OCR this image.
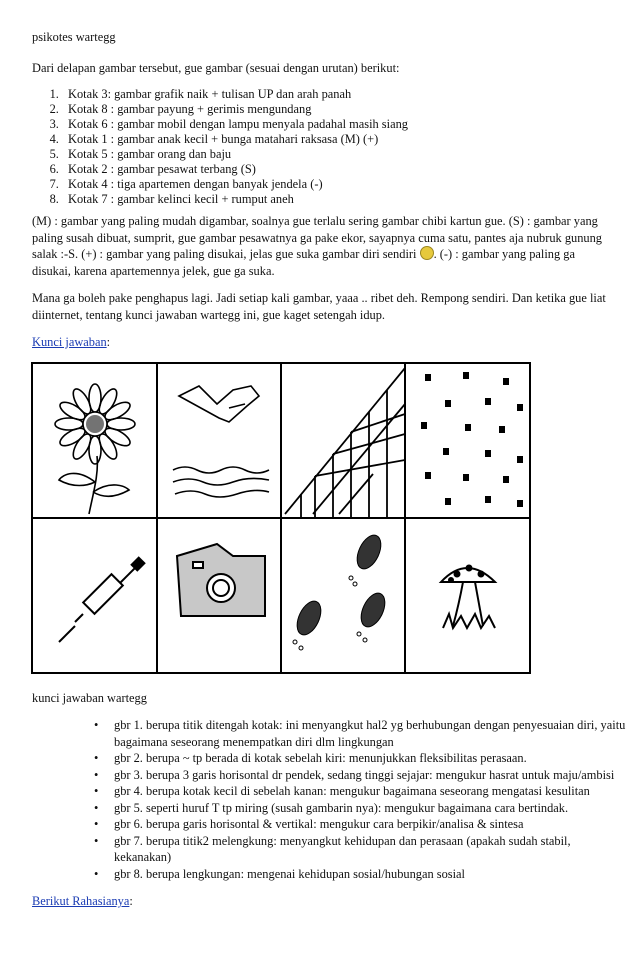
psikotes wartegg
Dari delapan gambar tersebut, gue gambar (sesuai dengan urutan) berikut:
1. Kotak 3: gambar grafik naik + tulisan UP dan arah panah
2. Kotak 8 : gambar payung + gerimis mengundang
3. Kotak 6 : gambar mobil dengan lampu menyala padahal masih siang
4. Kotak 1 : gambar anak kecil + bunga matahari raksasa (M) (+)
5. Kotak 5 : gambar orang dan baju
6. Kotak 2 : gambar pesawat terbang (S)
7. Kotak 4 : tiga apartemen dengan banyak jendela (-)
8. Kotak 7 : gambar kelinci kecil + rumput aneh
(M) : gambar yang paling mudah digambar, soalnya gue terlalu sering gambar chibi kartun gue. (S) : gambar yang paling susah dibuat, sumprit, gue gambar pesawatnya ga pake ekor, sayapnya cuma satu, pantes aja nubruk gunung salak :-S. (+) : gambar yang paling disukai, jelas gue suka gambar diri sendiri . (-) : gambar yang paling ga disukai, karena apartemennya jelek, gue ga suka.
Mana ga boleh pake penghapus lagi. Jadi setiap kali gambar, yaaa .. ribet deh. Rempong sendiri. Dan ketika gue liat diinternet, tentang kunci jawaban wartegg ini, gue kaget setengah idup.
Kunci jawaban:
kunci jawaban wartegg
• gbr 1. berupa titik ditengah kotak: ini menyangkut hal2 yg berhubungan dengan penyesuaian diri, yaitu bagaimana seseorang menempatkan diri dlm lingkungan
• gbr 2. berupa ~ tp berada di kotak sebelah kiri: menunjukkan fleksibilitas perasaan.
• gbr 3. berupa 3 garis horisontal dr pendek, sedang tinggi sejajar: mengukur hasrat untuk maju/ambisi
• gbr 4. berupa kotak kecil di sebelah kanan: mengukur bagaimana seseorang mengatasi kesulitan
• gbr 5. seperti huruf T tp miring (susah gambarin nya): mengukur bagaimana cara bertindak.
• gbr 6. berupa garis horisontal & vertikal: mengukur cara berpikir/analisa & sintesa
• gbr 7. berupa titik2 melengkung: menyangkut kehidupan dan perasaan (apakah sudah stabil, kekanakan)
• gbr 8. berupa lengkungan: mengenai kehidupan sosial/hubungan sosial
Berikut Rahasianya:
